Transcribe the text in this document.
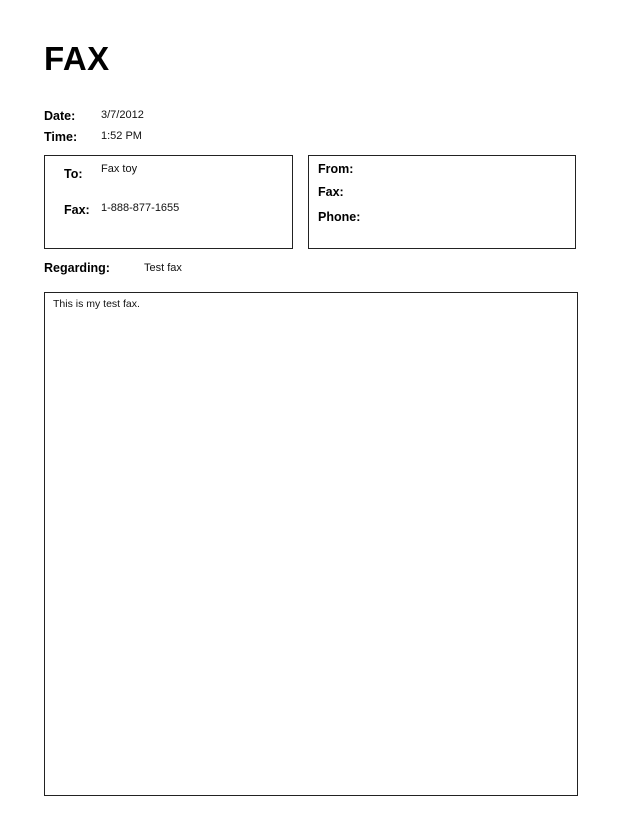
FAX
Date: 3/7/2012
Time: 1:52 PM
To: Fax toy
Fax: 1-888-877-1655
From:
Fax:
Phone:
Regarding:	Test fax
This is my test fax.
